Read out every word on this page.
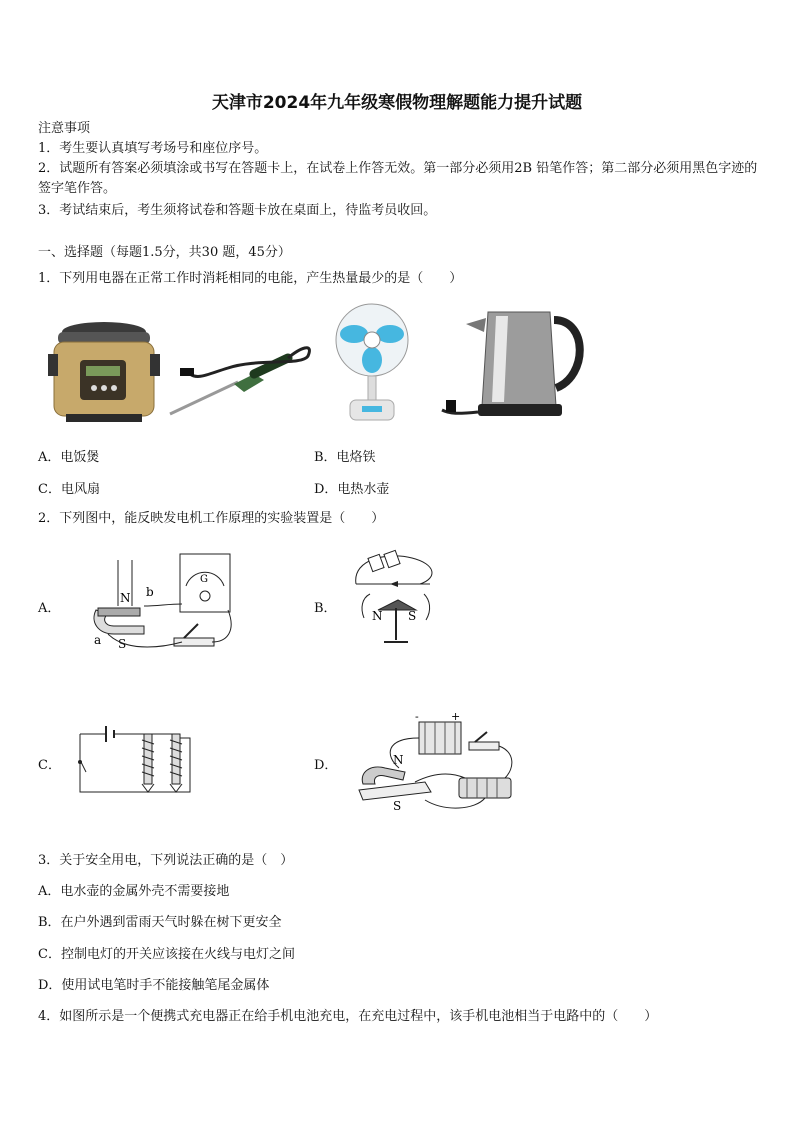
天津市2024年九年级寒假物理解题能力提升试题
注意事项
1．考生要认真填写考场号和座位序号。
2．试题所有答案必须填涂或书写在答题卡上，在试卷上作答无效。第一部分必须用2B 铅笔作答；第二部分必须用黑色字迹的签字笔作答。
3．考试结束后，考生须将试卷和答题卡放在桌面上，待监考员收回。
一、选择题（每题1.5分，共30 题，45分）
1．下列用电器在正常工作时消耗相同的电能，产生热量最少的是（　　）
A．电饭煲	B．电烙铁
C．电风扇	D．电热水壶
2．下列图中，能反映发电机工作原理的实验装置是（　　）
A．	B．
C．	D．
N b
S
a
G
N S
-	+
N
S
3．关于安全用电，下列说法正确的是（　）
A．电水壶的金属外壳不需要接地
B．在户外遇到雷雨天气时躲在树下更安全
C．控制电灯的开关应该接在火线与电灯之间
D．使用试电笔时手不能接触笔尾金属体
4．如图所示是一个便携式充电器正在给手机电池充电，在充电过程中，该手机电池相当于电路中的（　　）
